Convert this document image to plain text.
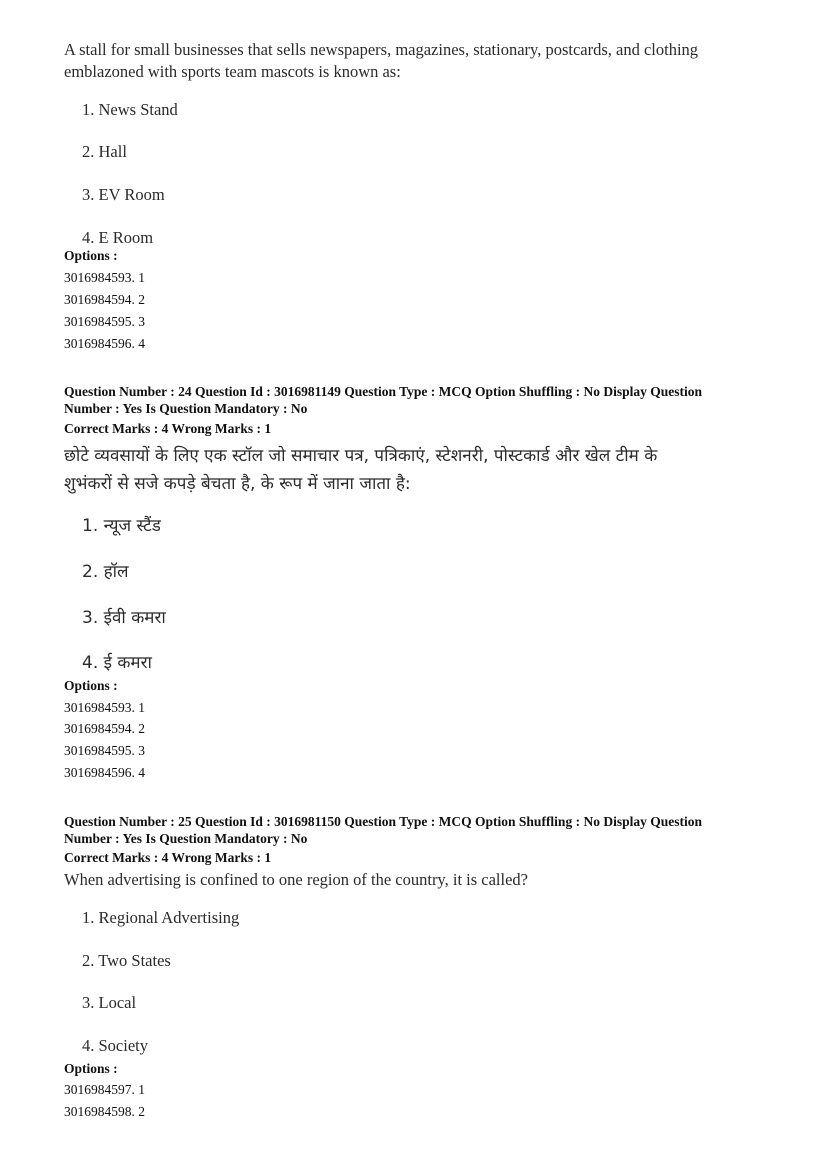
A stall for small businesses that sells newspapers, magazines, stationary, postcards, and clothing
emblazoned with sports team mascots is known as:
1. News Stand
2. Hall
3. EV Room
4. E Room
Options :
3016984593. 1
3016984594. 2
3016984595. 3
3016984596. 4
Question Number : 24 Question Id : 3016981149 Question Type : MCQ Option Shuffling : No Display Question
Number : Yes Is Question Mandatory : No
Correct Marks : 4 Wrong Marks : 1
छोटे व्यवसायों के लिए एक स्टॉल जो समाचार पत्र, पत्रिकाएं, स्टेशनरी, पोस्टकार्ड और खेल टीम के
शुभंकरों से सजे कपड़े बेचता है, के रूप में जाना जाता है:
1. न्यूज स्टैंड
2. हॉल
3. ईवी कमरा
4. ई कमरा
Options :
3016984593. 1
3016984594. 2
3016984595. 3
3016984596. 4
Question Number : 25 Question Id : 3016981150 Question Type : MCQ Option Shuffling : No Display Question
Number : Yes Is Question Mandatory : No
Correct Marks : 4 Wrong Marks : 1
When advertising is confined to one region of the country, it is called?
1. Regional Advertising
2. Two States
3. Local
4. Society
Options :
3016984597. 1
3016984598. 2
